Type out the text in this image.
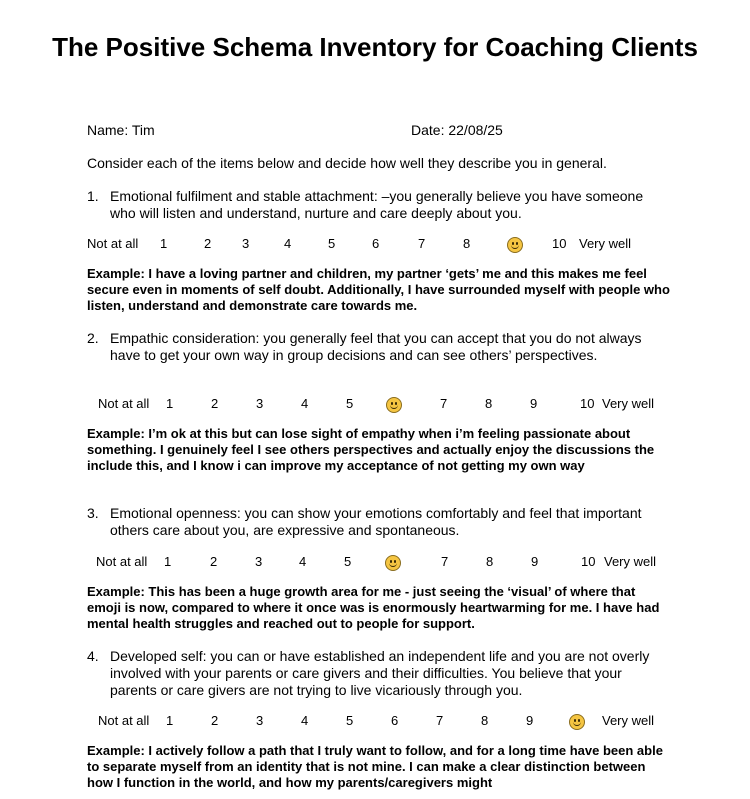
The Positive Schema Inventory for Coaching Clients
Name: Tim	Date: 22/08/25
Consider each of the items below and decide how well they describe you in general.
1. Emotional fulfilment and stable attachment: –you generally believe you have someone who will listen and understand, nurture and care deeply about you.
Example: I have a loving partner and children, my partner ‘gets’ me and this makes me feel secure even in moments of self doubt. Additionally, I have surrounded myself with people who listen, understand and demonstrate care towards me.
2. Empathic consideration: you generally feel that you can accept that you do not always have to get your own way in group decisions and can see others’ perspectives.
Example: I’m ok at this but can lose sight of empathy when i’m feeling passionate about something. I genuinely feel I see others perspectives and actually enjoy the discussions the include this, and I know i can improve my acceptance of not getting my own way
3. Emotional openness: you can show your emotions comfortably and feel that important others care about you, are expressive and spontaneous.
Example: This has been a huge growth area for me - just seeing the ‘visual’ of where that emoji is now, compared to where it once was is enormously heartwarming for me. I have had mental health struggles and reached out to people for support.
4. Developed self: you can or have established an independent life and you are not overly involved with your parents or care givers and their difficulties. You believe that your parents or care givers are not trying to live vicariously through you.
Example: I actively follow a path that I truly want to follow, and for a long time have been able to separate myself from an identity that is not mine. I can make a clear distinction between how I function in the world, and how my parents/caregivers might
Not at all 1	2 3	4	5	6	7	8	10 Very well
Not at all 1	2	3	4	5	7	8	9	10 Very well
Not at all 1	2	3	4	5	7	8	9	10 Very well
Not at all 1	2	3	4	5	6	7	8	9	Very well
